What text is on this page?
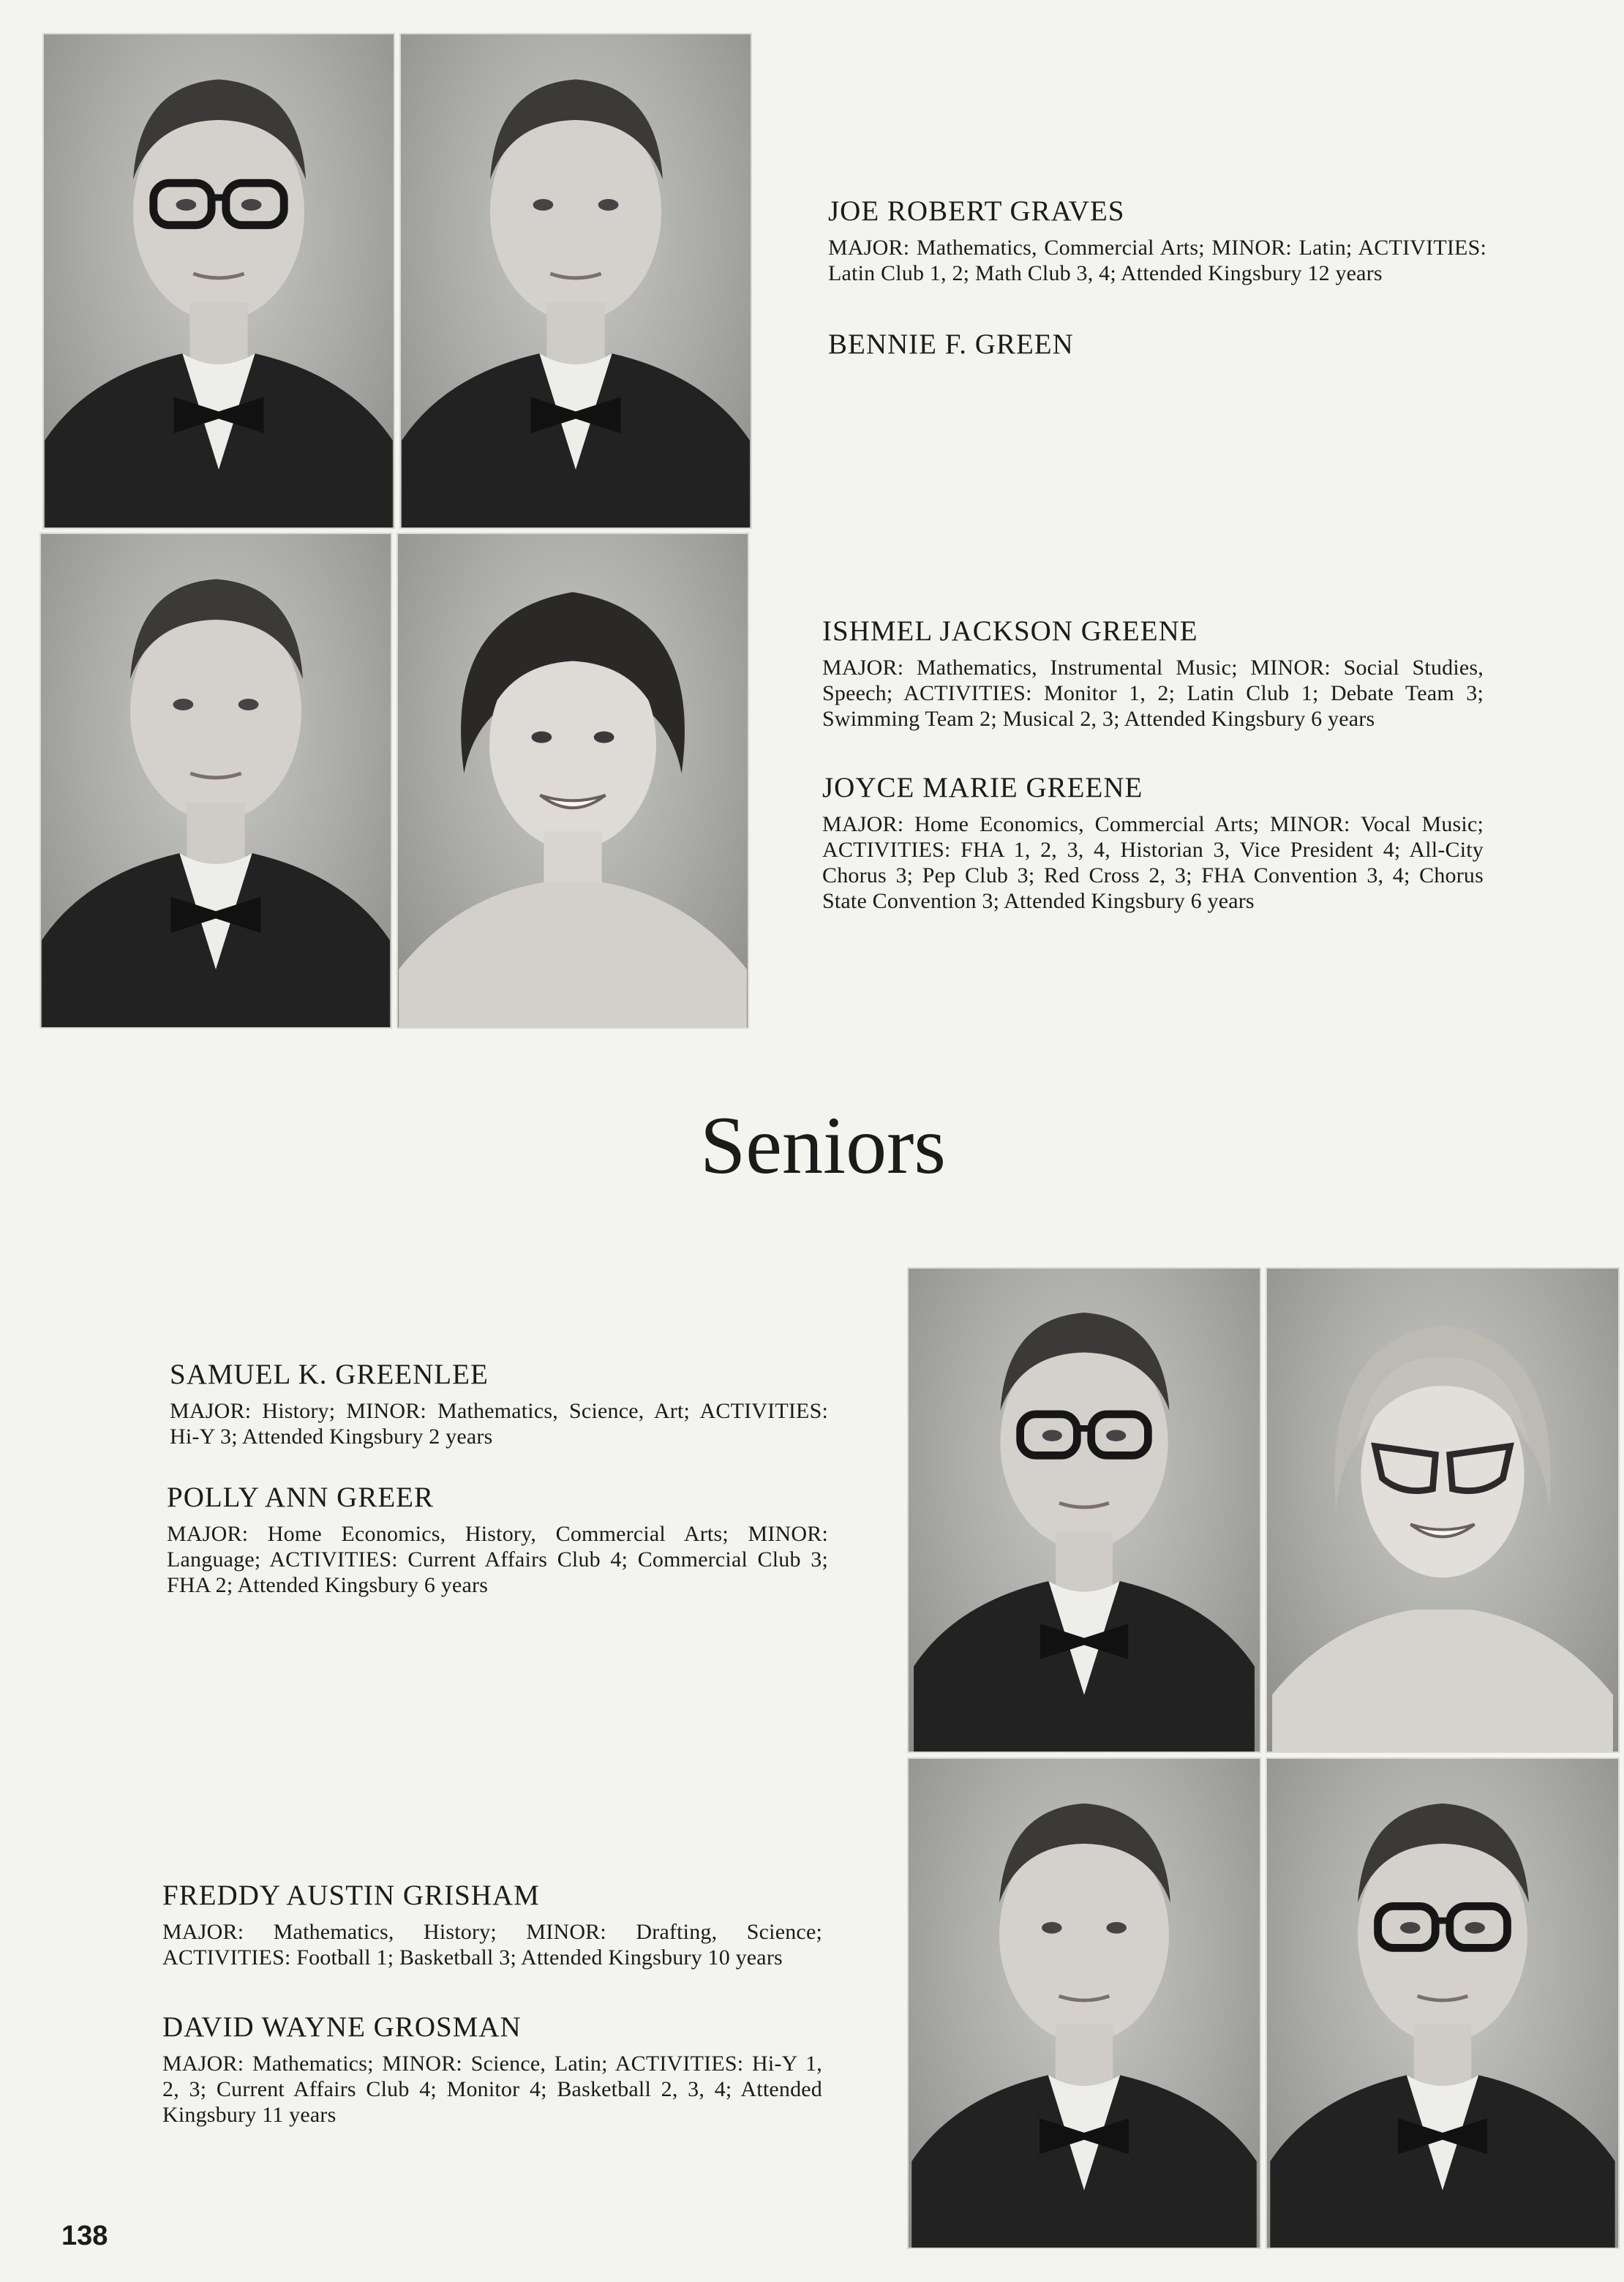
JOE ROBERT GRAVES

MAJOR: Mathematics, Commercial Arts; MINOR: Latin; ACTIVITIES: Latin Club 1, 2; Math Club 3, 4; Attended Kingsbury 12 years

BENNIE F. GREEN

ISHMEL JACKSON GREENE

MAJOR: Mathematics, Instrumental Music; MINOR: Social Studies, Speech; ACTIVITIES: Monitor 1, 2; Latin Club 1; Debate Team 3; Swimming Team 2; Musical 2, 3; Attended Kingsbury 6 years

JOYCE MARIE GREENE

MAJOR: Home Economics, Commercial Arts; MINOR: Vocal Music; ACTIVITIES: FHA 1, 2, 3, 4, Historian 3, Vice President 4; All-City Chorus 3; Pep Club 3; Red Cross 2, 3; FHA Convention 3, 4; Chorus State Convention 3; Attended Kingsbury 6 years

Seniors

SAMUEL K. GREENLEE

MAJOR: History; MINOR: Mathematics, Science, Art; ACTIVITIES: Hi-Y 3; Attended Kingsbury 2 years

POLLY ANN GREER

MAJOR: Home Economics, History, Commercial Arts; MINOR: Language; ACTIVITIES: Current Affairs Club 4; Commercial Club 3; FHA 2; Attended Kingsbury 6 years

FREDDY AUSTIN GRISHAM

MAJOR: Mathematics, History; MINOR: Drafting, Science; ACTIVITIES: Football 1; Basketball 3; Attended Kingsbury 10 years

DAVID WAYNE GROSMAN

MAJOR: Mathematics; MINOR: Science, Latin; ACTIVITIES: Hi-Y 1, 2, 3; Current Affairs Club 4; Monitor 4; Basketball 2, 3, 4; Attended Kingsbury 11 years

138
